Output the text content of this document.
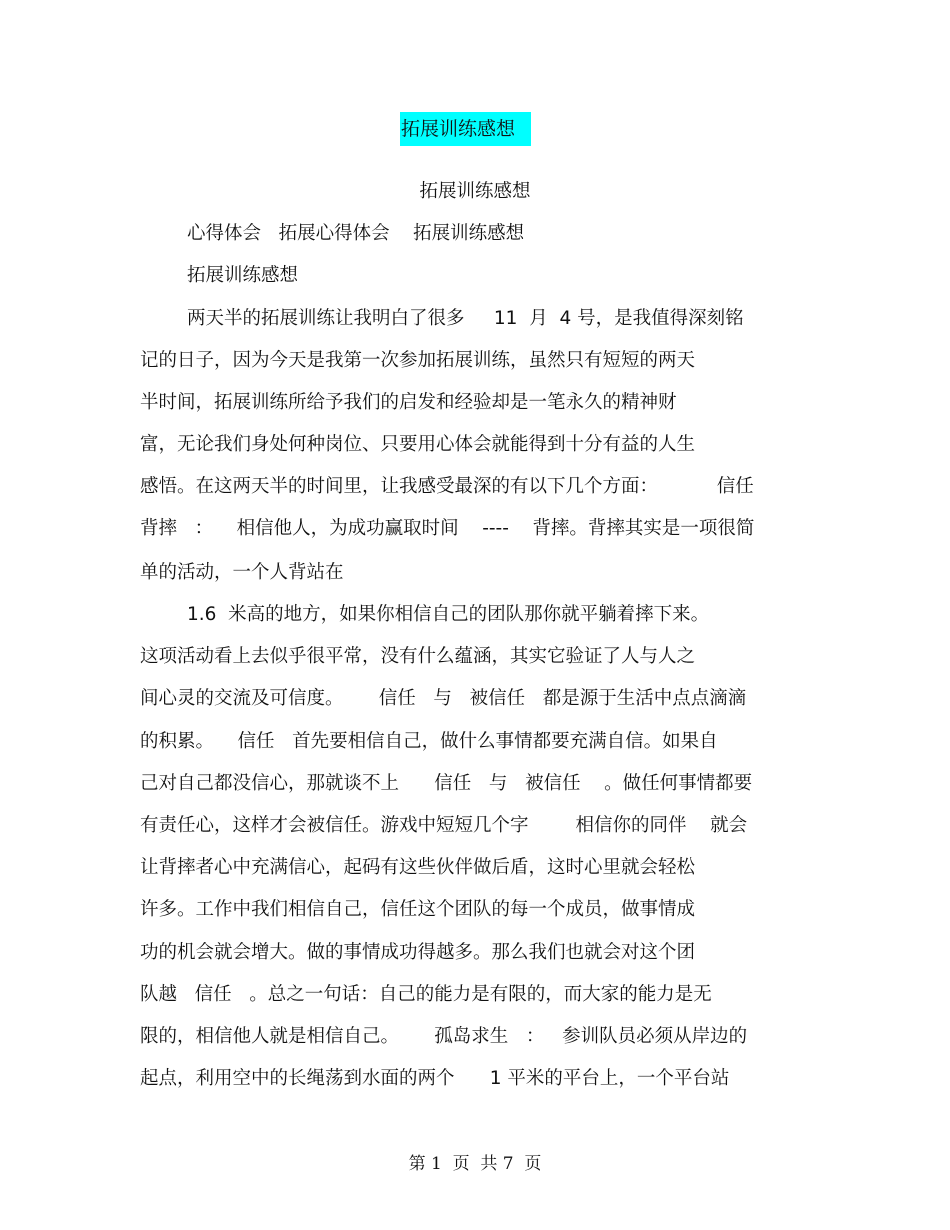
拓展训练感想
拓展训练感想
心得体会   拓展心得体会    拓展训练感想
拓展训练感想
两天半的拓展训练让我明白了很多     11  月  4 号，是我值得深刻铭
记的日子，因为今天是我第一次参加拓展训练，虽然只有短短的两天
半时间，拓展训练所给予我们的启发和经验却是一笔永久的精神财
富，无论我们身处何种岗位、只要用心体会就能得到十分有益的人生
感悟。在这两天半的时间里，让我感受最深的有以下几个方面：          信任
背摔   ：    相信他人，为成功赢取时间    ----    背摔。背摔其实是一项很简
单的活动，一个人背站在
1.6  米高的地方，如果你相信自己的团队那你就平躺着摔下来。
这项活动看上去似乎很平常，没有什么蕴涵，其实它验证了人与人之
间心灵的交流及可信度。      信任   与   被信任   都是源于生活中点点滴滴
的积累。    信任   首先要相信自己，做什么事情都要充满自信。如果自
己对自己都没信心，那就谈不上      信任   与   被信任    。做任何事情都要
有责任心，这样才会被信任。游戏中短短几个字        相信你的同伴    就会
让背摔者心中充满信心，起码有这些伙伴做后盾，这时心里就会轻松
许多。工作中我们相信自己，信任这个团队的每一个成员，做事情成
功的机会就会增大。做的事情成功得越多。那么我们也就会对这个团
队越   信任   。总之一句话：自己的能力是有限的，而大家的能力是无
限的，相信他人就是相信自己。      孤岛求生   ：   参训队员必须从岸边的
起点，利用空中的长绳荡到水面的两个      1 平米的平台上，一个平台站
第 1  页  共 7  页
